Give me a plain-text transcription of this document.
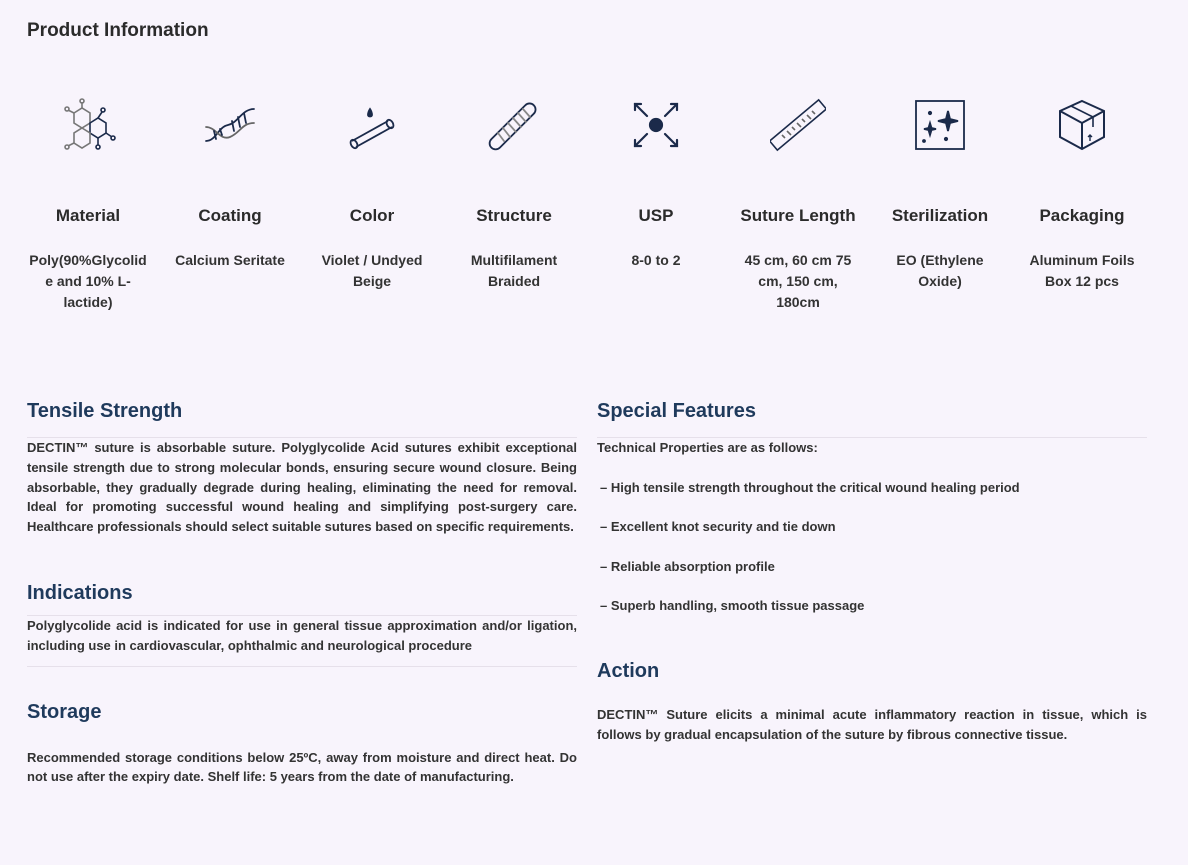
Product Information
Material
Poly(90%Glycolide and 10% L-lactide)
Coating
Calcium Seritate
Color
Violet / Undyed Beige
Structure
Multifilament Braided
USP
8-0 to 2
Suture Length
45 cm, 60 cm 75 cm, 150 cm, 180cm
Sterilization
EO (Ethylene Oxide)
Packaging
Aluminum Foils Box 12 pcs
Tensile Strength
DECTIN™ suture is absorbable suture. Polyglycolide Acid sutures exhibit exceptional tensile strength due to strong molecular bonds, ensuring secure wound closure. Being absorbable, they gradually degrade during healing, eliminating the need for removal. Ideal for promoting successful wound healing and simplifying post-surgery care. Healthcare professionals should select suitable sutures based on specific requirements.
Indications
Polyglycolide acid is indicated for use in general tissue approximation and/or ligation, including use in cardiovascular, ophthalmic and neurological procedure
Storage
Recommended storage conditions below 25ºC, away from moisture and direct heat. Do not use after the expiry date. Shelf life: 5 years from the date of manufacturing.
Special Features
Technical Properties are as follows:
– High tensile strength throughout the critical wound healing period
– Excellent knot security and tie down
– Reliable absorption profile
– Superb handling, smooth tissue passage
Action
DECTIN™ Suture elicits a minimal acute inflammatory reaction in tissue, which is follows by gradual encapsulation of the suture by fibrous connective tissue.
